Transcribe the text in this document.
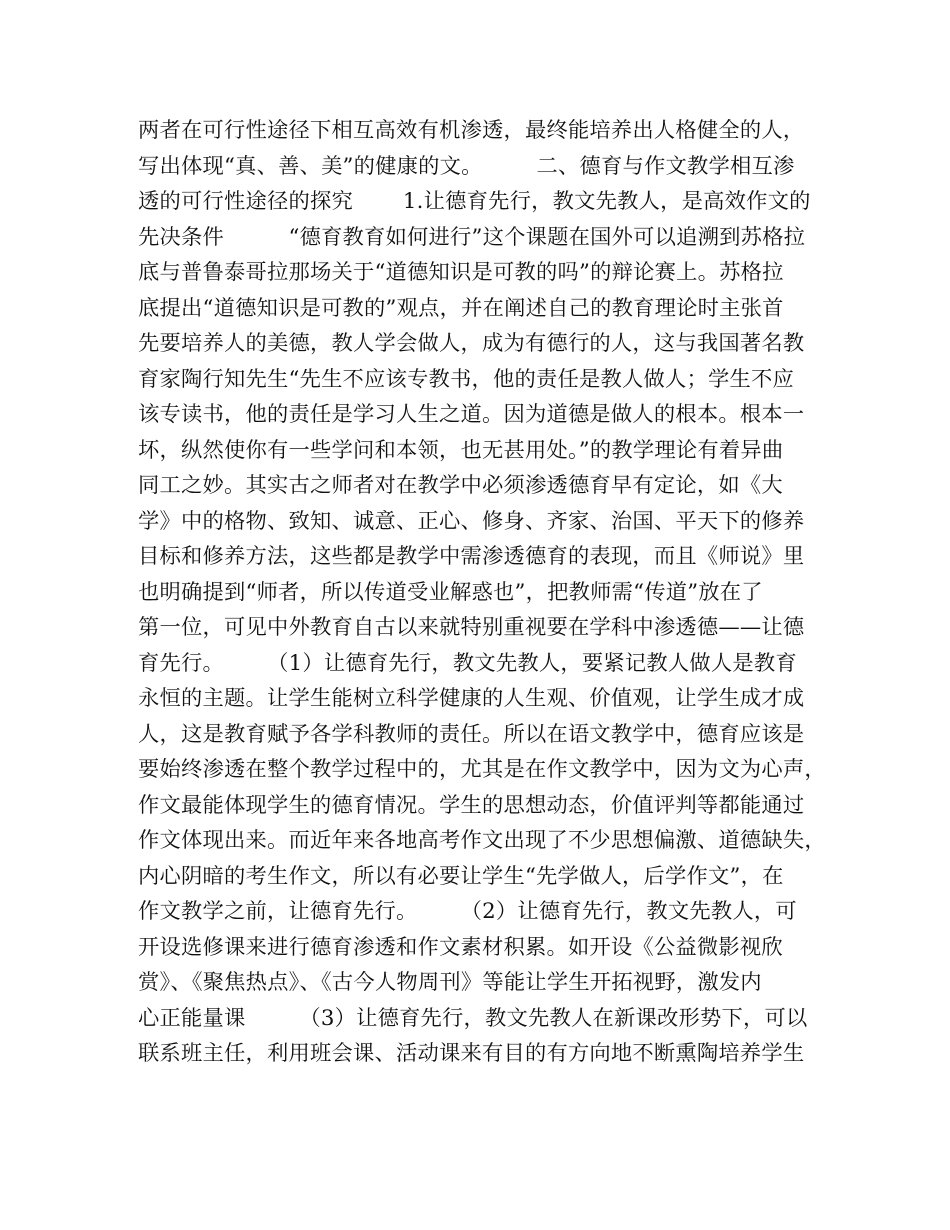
两者在可行性途径下相互高效有机渗透，最终能培养出人格健全的人，
写出体现“真、善、美”的健康的文。　　　二、德育与作文教学相互渗
透的可行性途径的探究　　 1.让德育先行，教文先教人，是高效作文的
先决条件　　　“德育教育如何进行”这个课题在国外可以追溯到苏格拉
底与普鲁泰哥拉那场关于“道德知识是可教的吗”的辩论赛上。苏格拉
底提出“道德知识是可教的”观点，并在阐述自己的教育理论时主张首
先要培养人的美德，教人学会做人，成为有德行的人，这与我国著名教
育家陶行知先生“先生不应该专教书，他的责任是教人做人；学生不应
该专读书，他的责任是学习人生之道。因为道德是做人的根本。根本一
坏，纵然使你有一些学问和本领，也无甚用处。”的教学理论有着异曲
同工之妙。其实古之师者对在教学中必须渗透德育早有定论，如《大
学》中的格物、致知、诚意、正心、修身、齐家、治国、平天下的修养
目标和修养方法，这些都是教学中需渗透德育的表现，而且《师说》里
也明确提到“师者，所以传道受业解惑也”，把教师需“传道”放在了
第一位，可见中外教育自古以来就特别重视要在学科中渗透德——让德
育先行。　　　（1）让德育先行，教文先教人，要紧记教人做人是教育
永恒的主题。让学生能树立科学健康的人生观、价值观，让学生成才成
人，这是教育赋予各学科教师的责任。所以在语文教学中，德育应该是
要始终渗透在整个教学过程中的，尤其是在作文教学中，因为文为心声，
作文最能体现学生的德育情况。学生的思想动态，价值评判等都能通过
作文体现出来。而近年来各地高考作文出现了不少思想偏激、道德缺失，
内心阴暗的考生作文，所以有必要让学生“先学做人，后学作文”，在
作文教学之前，让德育先行。　　　（2）让德育先行，教文先教人，可
开设选修课来进行德育渗透和作文素材积累。如开设《公益微影视欣
赏》、《聚焦热点》、《古今人物周刊》等能让学生开拓视野，激发内
心正能量课　　　（3）让德育先行，教文先教人在新课改形势下，可以
联系班主任，利用班会课、活动课来有目的有方向地不断熏陶培养学生
